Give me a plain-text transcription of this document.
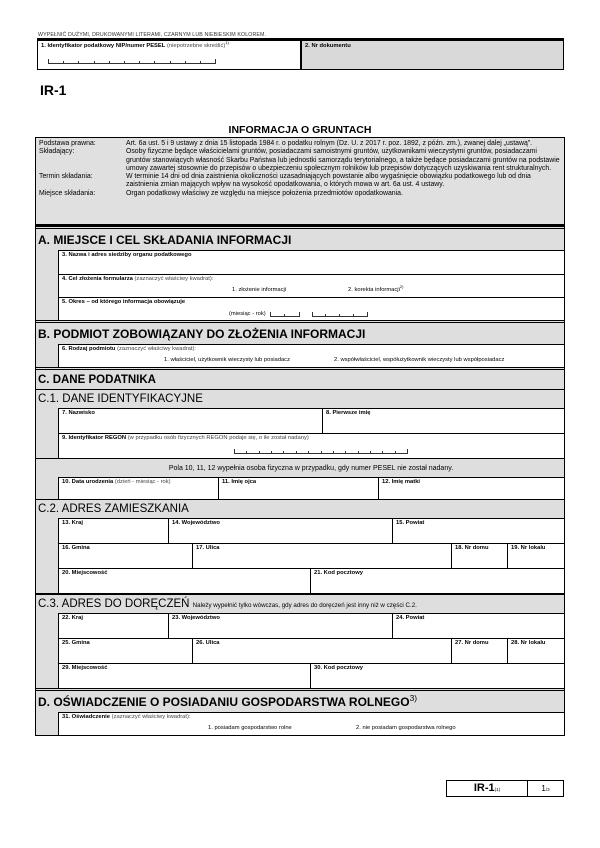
WYPEŁNIĆ DUŻYMI, DRUKOWANYMI LITERAMI, CZARNYM LUB NIEBIESKIM KOLOREM.
1. Identyfikator podatkowy NIP/numer PESEL (niepotrzebne skreślić)$^{1)}$
2. Nr dokumentu
IR-1
INFORMACJA O GRUNTACH
Podstawa prawna:	Art. 6a ust. 5 i 9 ustawy z dnia 15 listopada 1984 r. o podatku rolnym (Dz. U. z 2017 r. poz. 1892, z późn. zm.), zwanej dalej „ustawą”.
Składający:	Osoby fizyczne będące właścicielami gruntów, posiadaczami samoistnymi gruntów, użytkownikami wieczystymi gruntów, posiadaczami gruntów stanowiących własność Skarbu Państwa lub jednostki samorządu terytorialnego, a także będące posiadaczami gruntów na podstawie umowy zawartej stosownie do przepisów o ubezpieczeniu społecznym rolników lub przepisów dotyczących uzyskiwania rent strukturalnych.
Termin składania:	W terminie 14 dni od dnia zaistnienia okoliczności uzasadniających powstanie albo wygaśnięcie obowiązku podatkowego lub od dnia zaistnienia zmian mających wpływ na wysokość opodatkowania, o których mowa w art. 6a ust. 4 ustawy.
Miejsce składania:	Organ podatkowy właściwy ze względu na miejsce położenia przedmiotów opodatkowania.
A. MIEJSCE I CEL SKŁADANIA INFORMACJI
3. Nazwa i adres siedziby organu podatkowego
4. Cel złożenia formularza (zaznaczyć właściwy kwadrat):
1. złożenie informacji	2. korekta informacji$^{2)}$
5. Okres – od którego informacja obowiązuje
(miesiąc - rok)
B. PODMIOT ZOBOWIĄZANY DO ZŁOŻENIA INFORMACJI
6. Rodzaj podmiotu (zaznaczyć właściwy kwadrat):
1. właściciel, użytkownik wieczysty lub posiadacz	2. współwłaściciel, współużytkownik wieczysty lub współposiadacz
C. DANE PODATNIKA
C.1. DANE IDENTYFIKACYJNE
7. Nazwisko	8. Pierwsze imię
9. Identyfikator REGON (w przypadku osób fizycznych REGON podaje się, o ile został nadany)
Pola 10, 11, 12 wypełnia osoba fizyczna w przypadku, gdy numer PESEL nie został nadany.
10. Data urodzenia (dzień - miesiąc - rok)	11. Imię ojca	12. Imię matki
C.2. ADRES ZAMIESZKANIA
13. Kraj	14. Województwo	15. Powiat
16. Gmina	17. Ulica	18. Nr domu	19. Nr lokalu
20. Miejscowość	21. Kod pocztowy
C.3. ADRES DO DORĘCZEŃ Należy wypełnić tylko wówczas, gdy adres do doręczeń jest inny niż w części C.2.
22. Kraj	23. Województwo	24. Powiat
25. Gmina	26. Ulica	27. Nr domu	28. Nr lokalu
29. Miejscowość	30. Kod pocztowy
D. OŚWIADCZENIE O POSIADANIU GOSPODARSTWA ROLNEGO$^{3)}$
31. Oświadczenie (zaznaczyć właściwy kwadrat):
1. posiadam gospodarstwo rolne	2. nie posiadam gospodarstwa rolnego
IR-1(1)	1/3
